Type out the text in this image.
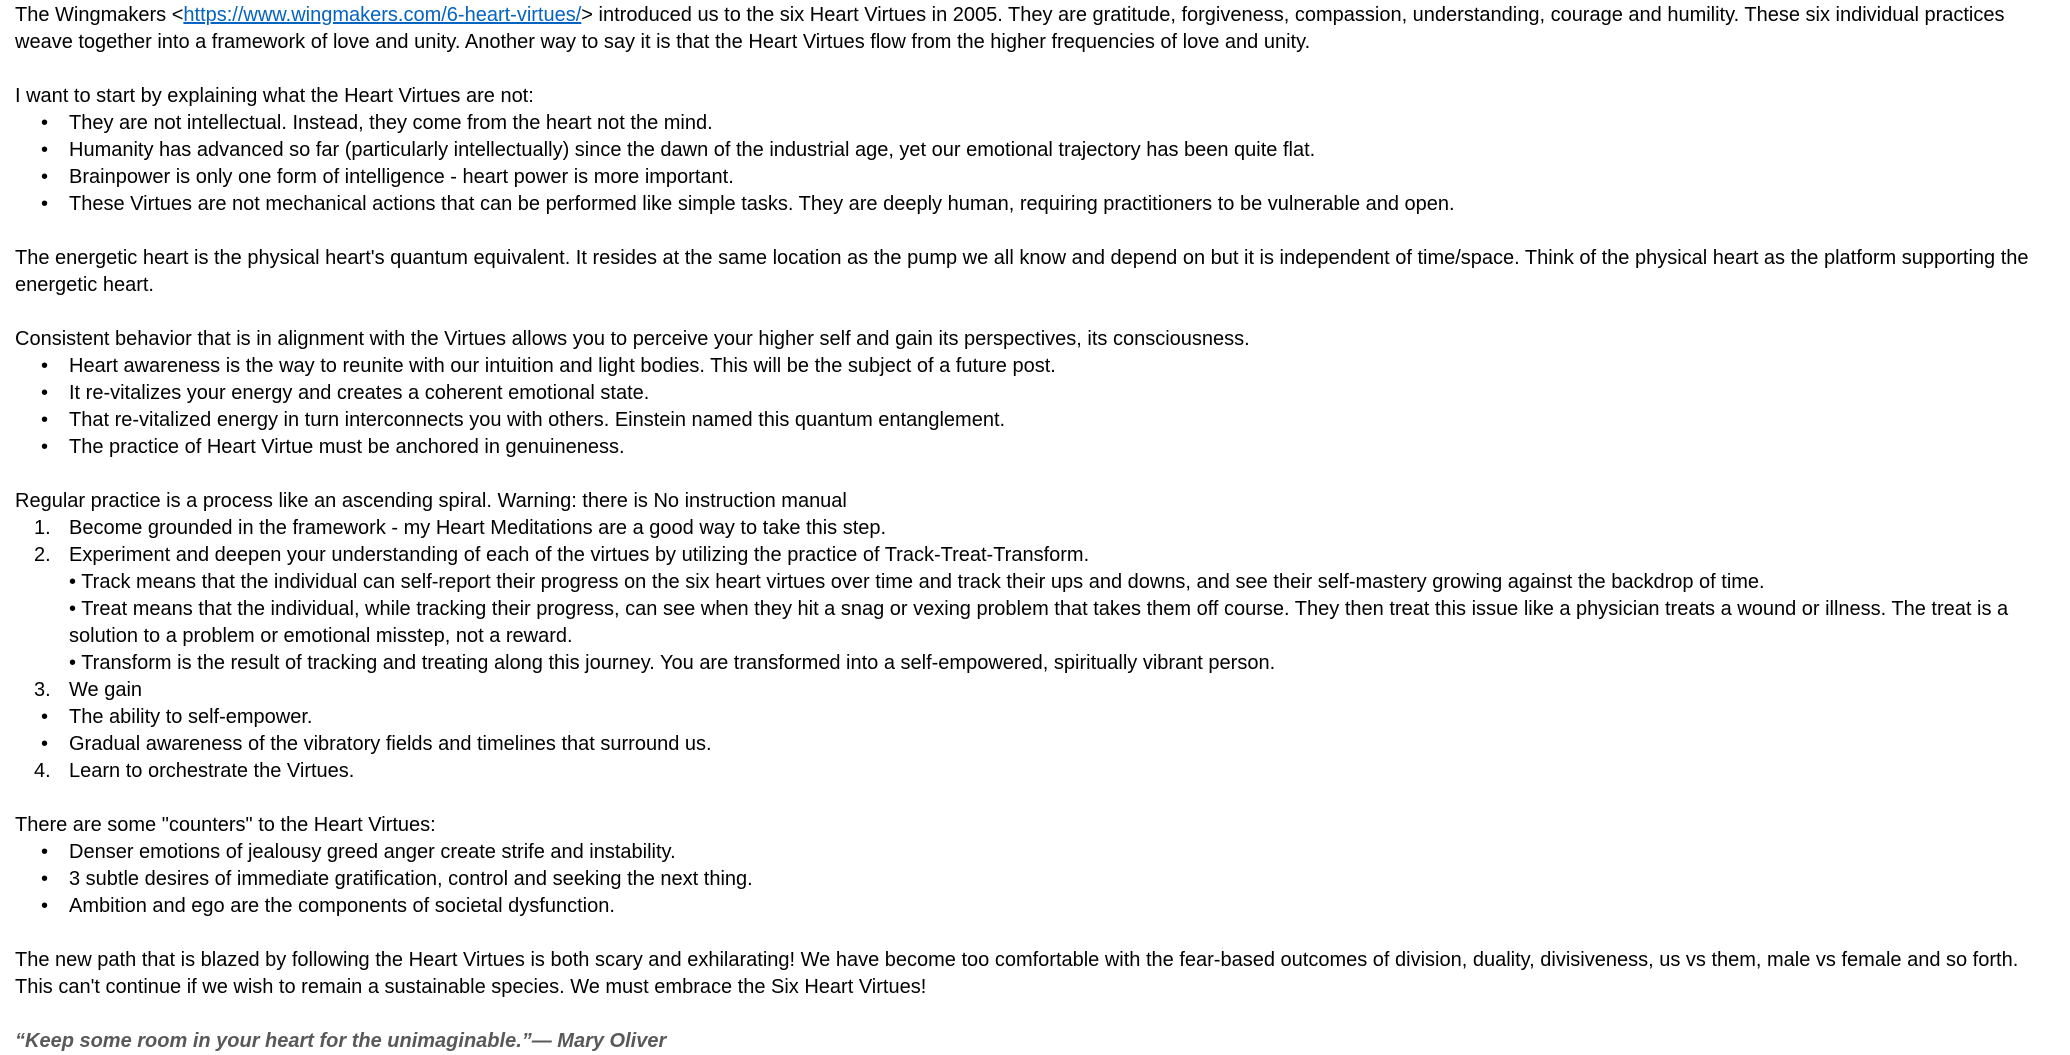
The Wingmakers <https://www.wingmakers.com/6-heart-virtues/> introduced us to the six Heart Virtues in 2005. They are gratitude, forgiveness, compassion, understanding, courage and humility. These six individual practices weave together into a framework of love and unity. Another way to say it is that the Heart Virtues flow from the higher frequencies of love and unity.

I want to start by explaining what the Heart Virtues are not:

•	They are not intellectual. Instead, they come from the heart not the mind.
•	Humanity has advanced so far (particularly intellectually) since the dawn of the industrial age, yet our emotional trajectory has been quite flat.
•	Brainpower is only one form of intelligence - heart power is more important.
•	These Virtues are not mechanical actions that can be performed like simple tasks. They are deeply human, requiring practitioners to be vulnerable and open.

The energetic heart is the physical heart's quantum equivalent. It resides at the same location as the pump we all know and depend on but it is independent of time/space. Think of the physical heart as the platform supporting the energetic heart.

Consistent behavior that is in alignment with the Virtues allows you to perceive your higher self and gain its perspectives, its consciousness.

•	Heart awareness is the way to reunite with our intuition and light bodies. This will be the subject of a future post.
•	It re-vitalizes your energy and creates a coherent emotional state.
•	That re-vitalized energy in turn interconnects you with others. Einstein named this quantum entanglement.
•	The practice of Heart Virtue must be anchored in genuineness.

Regular practice is a process like an ascending spiral. Warning: there is No instruction manual

1. Become grounded in the framework - my Heart Meditations are a good way to take this step.
2. Experiment and deepen your understanding of each of the virtues by utilizing the practice of Track-Treat-Transform.
• Track means that the individual can self-report their progress on the six heart virtues over time and track their ups and downs, and see their self-mastery growing against the backdrop of time.
• Treat means that the individual, while tracking their progress, can see when they hit a snag or vexing problem that takes them off course. They then treat this issue like a physician treats a wound or illness. The treat is a solution to a problem or emotional misstep, not a reward.
• Transform is the result of tracking and treating along this journey. You are transformed into a self-empowered, spiritually vibrant person.
3. We gain
•	The ability to self-empower.
•	Gradual awareness of the vibratory fields and timelines that surround us.
4. Learn to orchestrate the Virtues.

There are some "counters" to the Heart Virtues:

•	Denser emotions of jealousy greed anger create strife and instability.
•	3 subtle desires of immediate gratification, control and seeking the next thing.
•	Ambition and ego are the components of societal dysfunction.

The new path that is blazed by following the Heart Virtues is both scary and exhilarating! We have become too comfortable with the fear-based outcomes of division, duality, divisiveness, us vs them, male vs female and so forth. This can't continue if we wish to remain a sustainable species. We must embrace the Six Heart Virtues!

“Keep some room in your heart for the unimaginable.”— Mary Oliver
